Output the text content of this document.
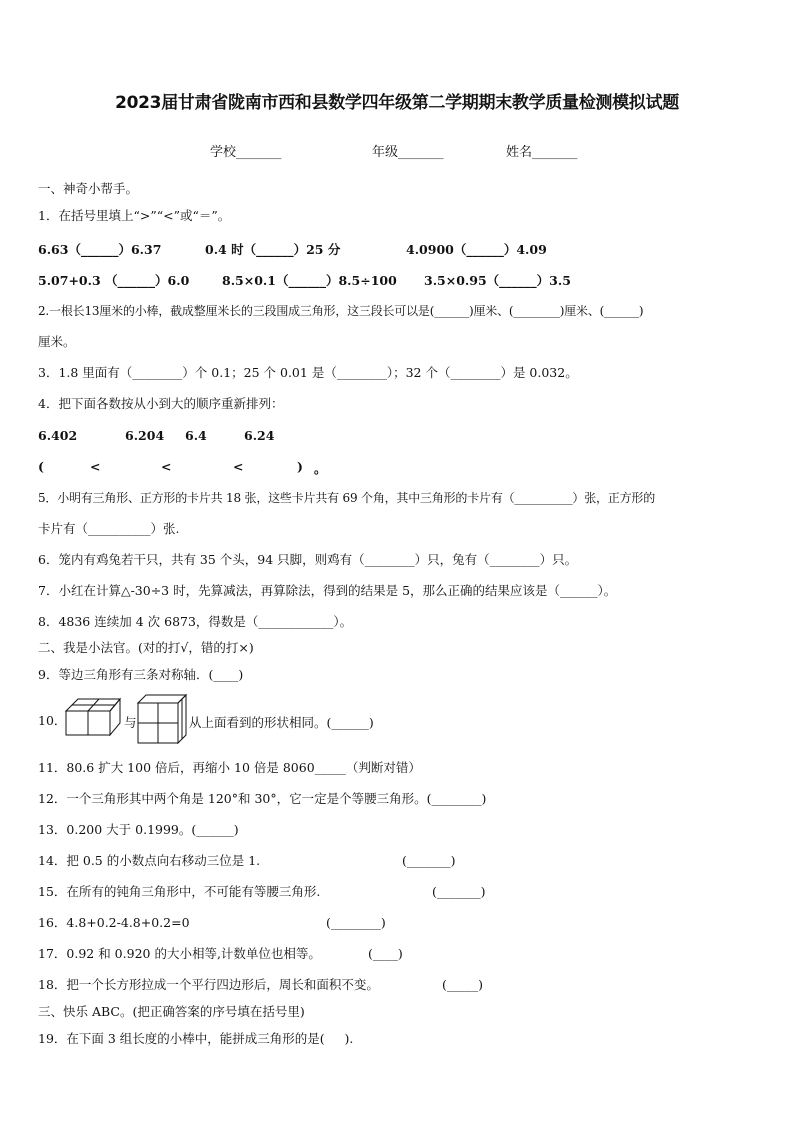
2023届甘肃省陇南市西和县数学四年级第二学期期末教学质量检测模拟试题
学校_______	年级_______	姓名_______
一、神奇小帮手。
1．在括号里填上“>”“<”或“＝”。
6.63（______）6.37	0.4 时（______）25 分	4.0900（______）4.09
5.07+0.3 （______）6.0	8.5×0.1（______）8.5÷100 3.5×0.95（______）3.5
2.一根长13厘米的小棒，截成整厘米长的三段围成三角形，这三段长可以是(______)厘米、(________)厘米、(______)
厘米。
3．1.8 里面有（________）个 0.1；25 个 0.01 是（________）；32 个（________）是 0.032。
4．把下面各数按从小到大的顺序重新排列：
6.402	6.204 6.4	6.24
(	<	<	<	) 。
5．小明有三角形、正方形的卡片共 18 张，这些卡片共有 69 个角，其中三角形的卡片有（__________）张，正方形的
卡片有（__________）张.
6．笼内有鸡兔若干只，共有 35 个头，94 只脚，则鸡有（________）只，兔有（________）只。
7．小红在计算△-30÷3 时，先算减法，再算除法，得到的结果是 5，那么正确的结果应该是（______）。
8．4836 连续加 4 次 6873，得数是（____________）。
二、我是小法官。(对的打√，错的打×)
9．等边三角形有三条对称轴．(____)
10．	与	从上面看到的形状相同。(______)
11．80.6 扩大 100 倍后，再缩小 10 倍是 8060_____（判断对错）
12．一个三角形其中两个角是 120°和 30°，它一定是个等腰三角形。(________)
13．0.200 大于 0.1999。(______)
14．把 0.5 的小数点向右移动三位是 1.	(_______)
15．在所有的钝角三角形中，不可能有等腰三角形.	(_______)
16．4.8+0.2-4.8+0.2=0	(________)
17．0.92 和 0.920 的大小相等,计数单位也相等。	(____)
18．把一个长方形拉成一个平行四边形后，周长和面积不变。	(_____)
三、快乐 ABC。(把正确答案的序号填在括号里)
19．在下面 3 组长度的小棒中，能拼成三角形的是(     ).
